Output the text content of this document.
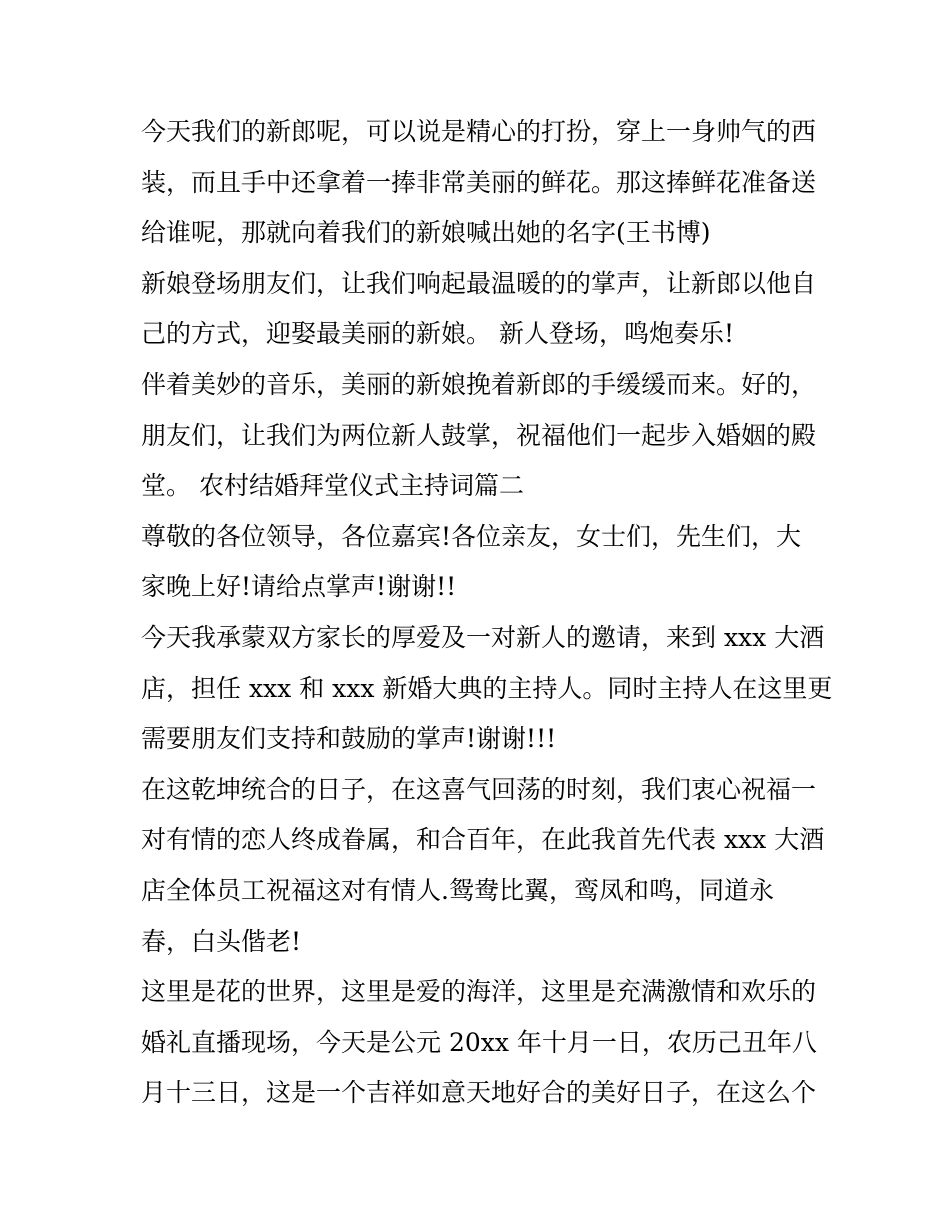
今天我们的新郎呢，可以说是精心的打扮，穿上一身帅气的西
装，而且手中还拿着一捧非常美丽的鲜花。那这捧鲜花准备送
给谁呢，那就向着我们的新娘喊出她的名字(王书博)
新娘登场朋友们，让我们响起最温暖的的掌声，让新郎以他自
己的方式，迎娶最美丽的新娘。 新人登场，鸣炮奏乐!
伴着美妙的音乐，美丽的新娘挽着新郎的手缓缓而来。好的，
朋友们，让我们为两位新人鼓掌，祝福他们一起步入婚姻的殿
堂。 农村结婚拜堂仪式主持词篇二
尊敬的各位领导，各位嘉宾!各位亲友，女士们，先生们，大
家晚上好!请给点掌声!谢谢!!
今天我承蒙双方家长的厚爱及一对新人的邀请，来到 xxx 大酒
店，担任 xxx 和 xxx 新婚大典的主持人。同时主持人在这里更
需要朋友们支持和鼓励的掌声!谢谢!!!
在这乾坤统合的日子，在这喜气回荡的时刻，我们衷心祝福一
对有情的恋人终成眷属，和合百年，在此我首先代表 xxx 大酒
店全体员工祝福这对有情人.鸳鸯比翼，鸾凤和鸣，同道永
春，白头偕老!
这里是花的世界，这里是爱的海洋，这里是充满激情和欢乐的
婚礼直播现场，今天是公元 20xx 年十月一日，农历己丑年八
月十三日，这是一个吉祥如意天地好合的美好日子，在这么个
